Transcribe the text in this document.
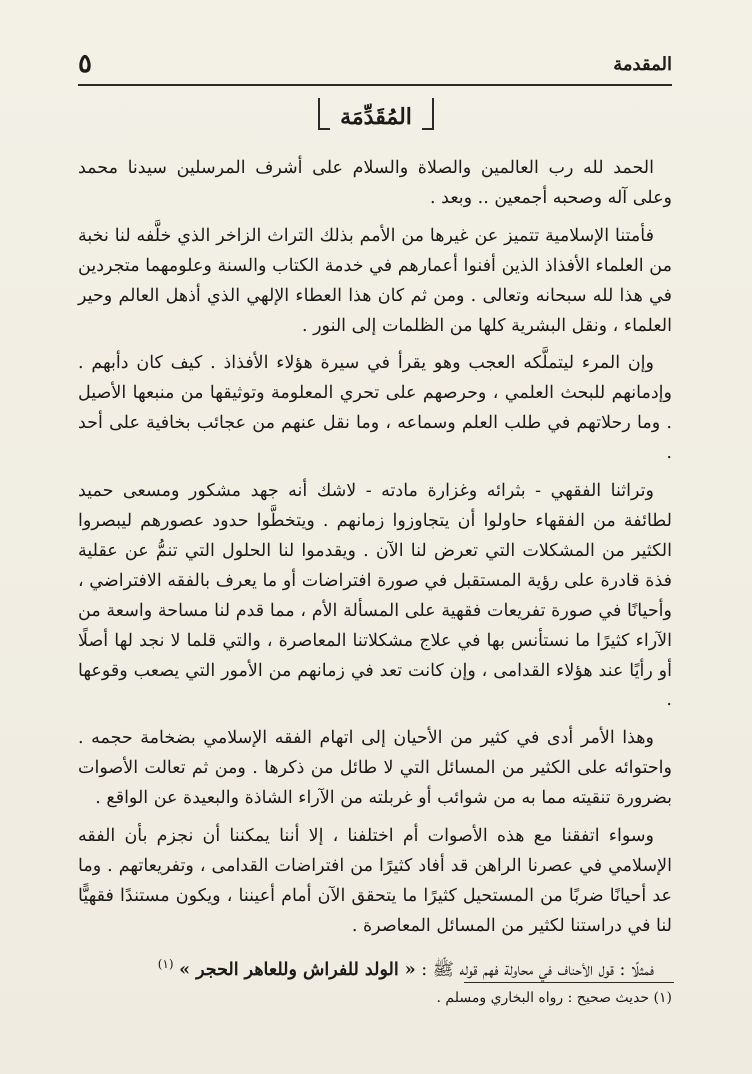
٥	المقدمة
المُقَدِّمَة

الحمد لله رب العالمين والصلاة والسلام على أشرف المرسلين سيدنا محمد وعلى آله وصحبه أجمعين .. وبعد .

فأمتنا الإسلامية تتميز عن غيرها من الأمم بذلك التراث الزاخر الذي خلَّفه لنا نخبة من العلماء الأفذاذ الذين أفنوا أعمارهم في خدمة الكتاب والسنة وعلومهما متجردين في هذا لله سبحانه وتعالى . ومن ثم كان هذا العطاء الإلهي الذي أذهل العالم وحير العلماء ، ونقل البشرية كلها من الظلمات إلى النور .

وإن المرء ليتملَّكه العجب وهو يقرأ في سيرة هؤلاء الأفذاذ . كيف كان دأبهم . وإدمانهم للبحث العلمي ، وحرصهم على تحري المعلومة وتوثيقها من منبعها الأصيل . وما رحلاتهم في طلب العلم وسماعه ، وما نقل عنهم من عجائب بخافية على أحد .

وتراثنا الفقهي - بثرائه وغزارة مادته - لاشك أنه جهد مشكور ومسعى حميد لطائفة من الفقهاء حاولوا أن يتجاوزوا زمانهم . ويتخطَّوا حدود عصورهم ليبصروا الكثير من المشكلات التي تعرض لنا الآن . ويقدموا لنا الحلول التي تنمُّ عن عقلية فذة قادرة على رؤية المستقبل في صورة افتراضات أو ما يعرف بالفقه الافتراضي ، وأحيانًا في صورة تفريعات فقهية على المسألة الأم ، مما قدم لنا مساحة واسعة من الآراء كثيرًا ما نستأنس بها في علاج مشكلاتنا المعاصرة ، والتي قلما لا نجد لها أصلًا أو رأيًا عند هؤلاء القدامى ، وإن كانت تعد في زمانهم من الأمور التي يصعب وقوعها .

وهذا الأمر أدى في كثير من الأحيان إلى اتهام الفقه الإسلامي بضخامة حجمه . واحتوائه على الكثير من المسائل التي لا طائل من ذكرها . ومن ثم تعالت الأصوات بضرورة تنقيته مما به من شوائب أو غربلته من الآراء الشاذة والبعيدة عن الواقع .

وسواء اتفقنا مع هذه الأصوات أم اختلفنا ، إلا أننا يمكننا أن نجزم بأن الفقه الإسلامي في عصرنا الراهن قد أفاد كثيرًا من افتراضات القدامى ، وتفريعاتهم . وما عد أحيانًا ضربًا من المستحيل كثيرًا ما يتحقق الآن أمام أعيننا ، ويكون مستندًا فقهيًّا لنا في دراستنا لكثير من المسائل المعاصرة .

فمثلًا : قول الأحناف في محاولة فهم قوله ﷺ : « الولد للفراش وللعاهر الحجر » $^{(١)}$

(١) حديث صحيح : رواه البخاري ومسلم .
